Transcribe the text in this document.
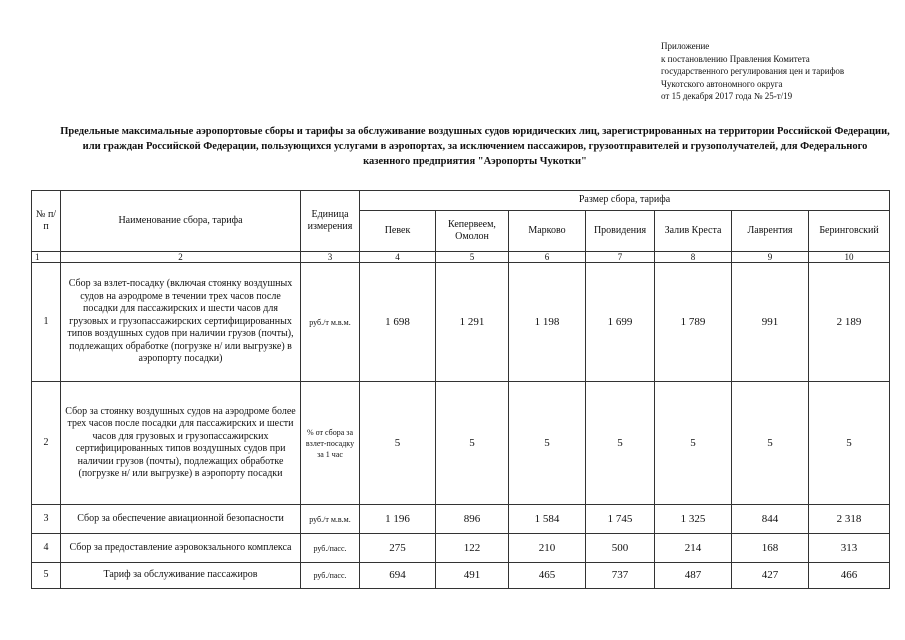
Приложение
к постановлению Правления Комитета
государственного регулирования цен и тарифов
Чукотского автономного округа
от 15 декабря 2017 года № 25-т/19
Предельные максимальные аэропортовые сборы и тарифы за обслуживание воздушных судов юридических лиц, зарегистрированных на территории Российской Федерации, или граждан Российской Федерации, пользующихся услугами в аэропортах, за исключением пассажиров, грузоотправителей и грузополучателей, для Федерального казенного предприятия "Аэропорты Чукотки"
№ п/п	Наименование сбора, тарифа	Единица измерения	Размер сбора, тарифа						
			Певек	Кепервеем, Омолон	Марково	Провидения	Залив Креста	Лаврентия	Беринговский
1	2	3	4	5	6	7	8	9	10
1	Сбор за взлет-посадку (включая стоянку воздушных судов на аэродроме в течении трех часов после посадки для пассажирских и шести часов для грузовых и грузопассажирских сертифицированных типов воздушных судов при наличии грузов (почты), подлежащих обработке (погрузке н/ или выгрузке) в аэропорту посадки)	руб./т м.в.м.	1 698	1 291	1 198	1 699	1 789	991	2 189
2	Сбор за стоянку воздушных судов на аэродроме более трех часов после посадки для пассажирских и шести часов для грузовых и грузопассажирских сертифицированных типов воздушных судов при наличии грузов (почты), подлежащих обработке (погрузке н/ или выгрузке) в аэропорту посадки	% от сбора за взлет-посадку за 1 час	5	5	5	5	5	5	5
3	Сбор за обеспечение авиационной безопасности	руб./т м.в.м.	1 196	896	1 584	1 745	1 325	844	2 318
4	Сбор за предоставление аэровокзального комплекса	руб./пасс.	275	122	210	500	214	168	313
5	Тариф за обслуживание пассажиров	руб./пасс.	694	491	465	737	487	427	466
